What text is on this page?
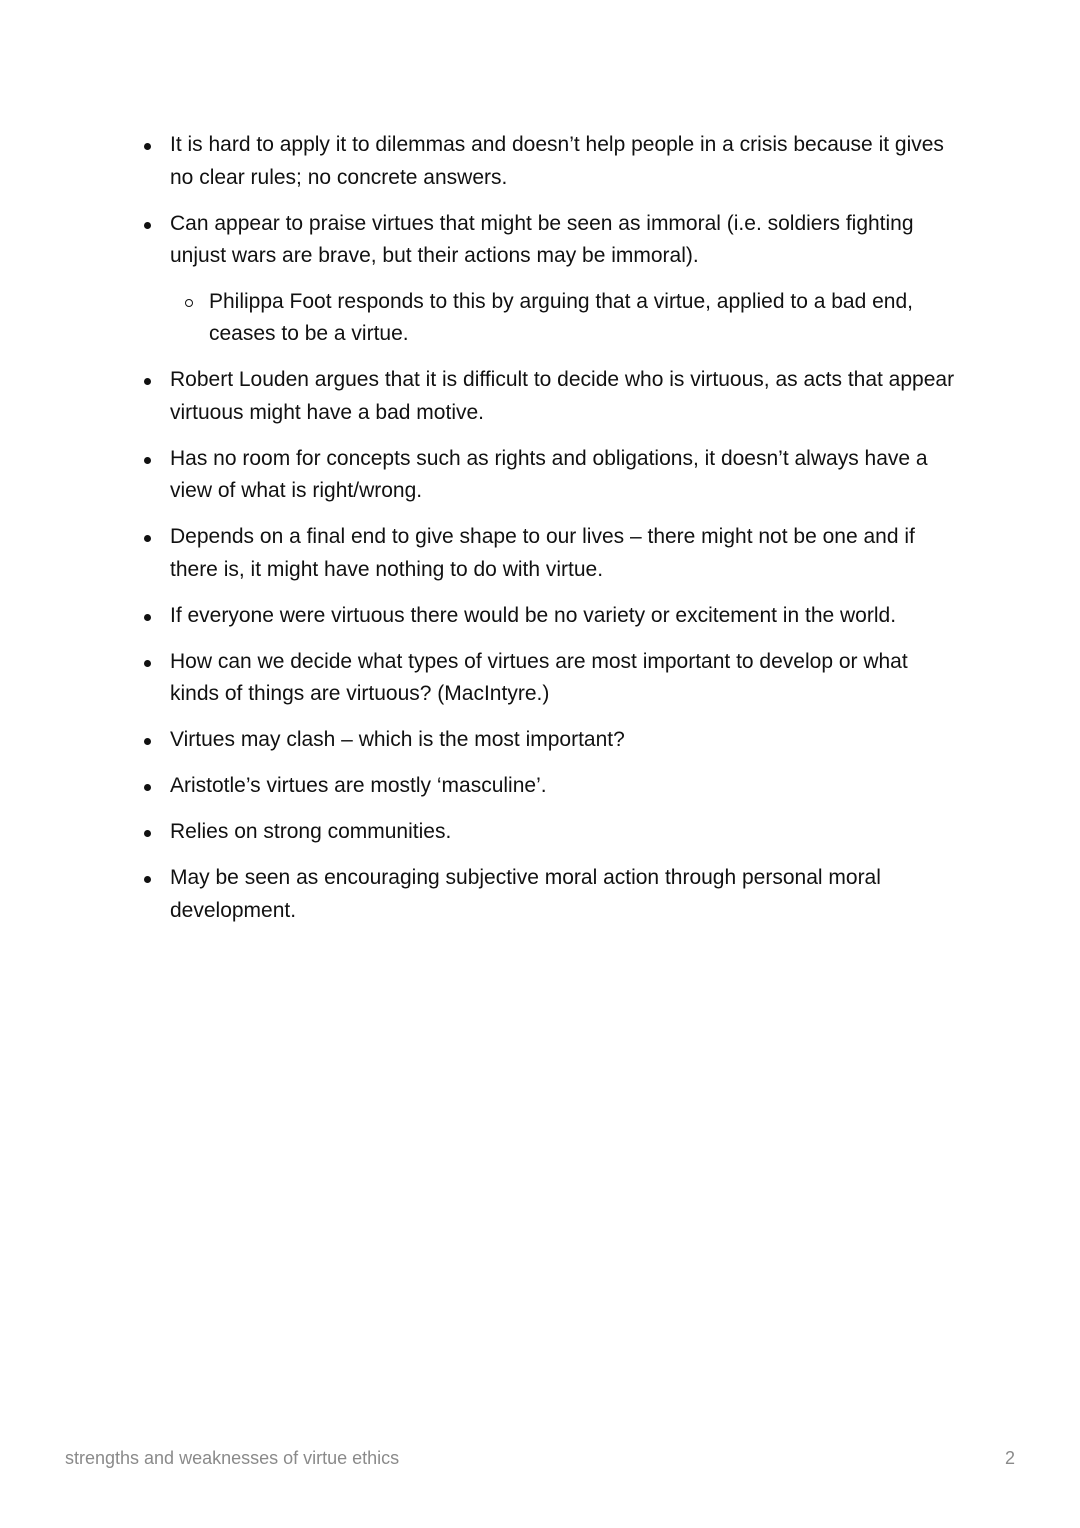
It is hard to apply it to dilemmas and doesn’t help people in a crisis because it gives no clear rules; no concrete answers.
Can appear to praise virtues that might be seen as immoral (i.e. soldiers fighting unjust wars are brave, but their actions may be immoral).
Philippa Foot responds to this by arguing that a virtue, applied to a bad end, ceases to be a virtue.
Robert Louden argues that it is difficult to decide who is virtuous, as acts that appear virtuous might have a bad motive.
Has no room for concepts such as rights and obligations, it doesn’t always have a view of what is right/wrong.
Depends on a final end to give shape to our lives – there might not be one and if there is, it might have nothing to do with virtue.
If everyone were virtuous there would be no variety or excitement in the world.
How can we decide what types of virtues are most important to develop or what kinds of things are virtuous? (MacIntyre.)
Virtues may clash – which is the most important?
Aristotle’s virtues are mostly ‘masculine’.
Relies on strong communities.
May be seen as encouraging subjective moral action through personal moral development.
strengths and weaknesses of virtue ethics	2
